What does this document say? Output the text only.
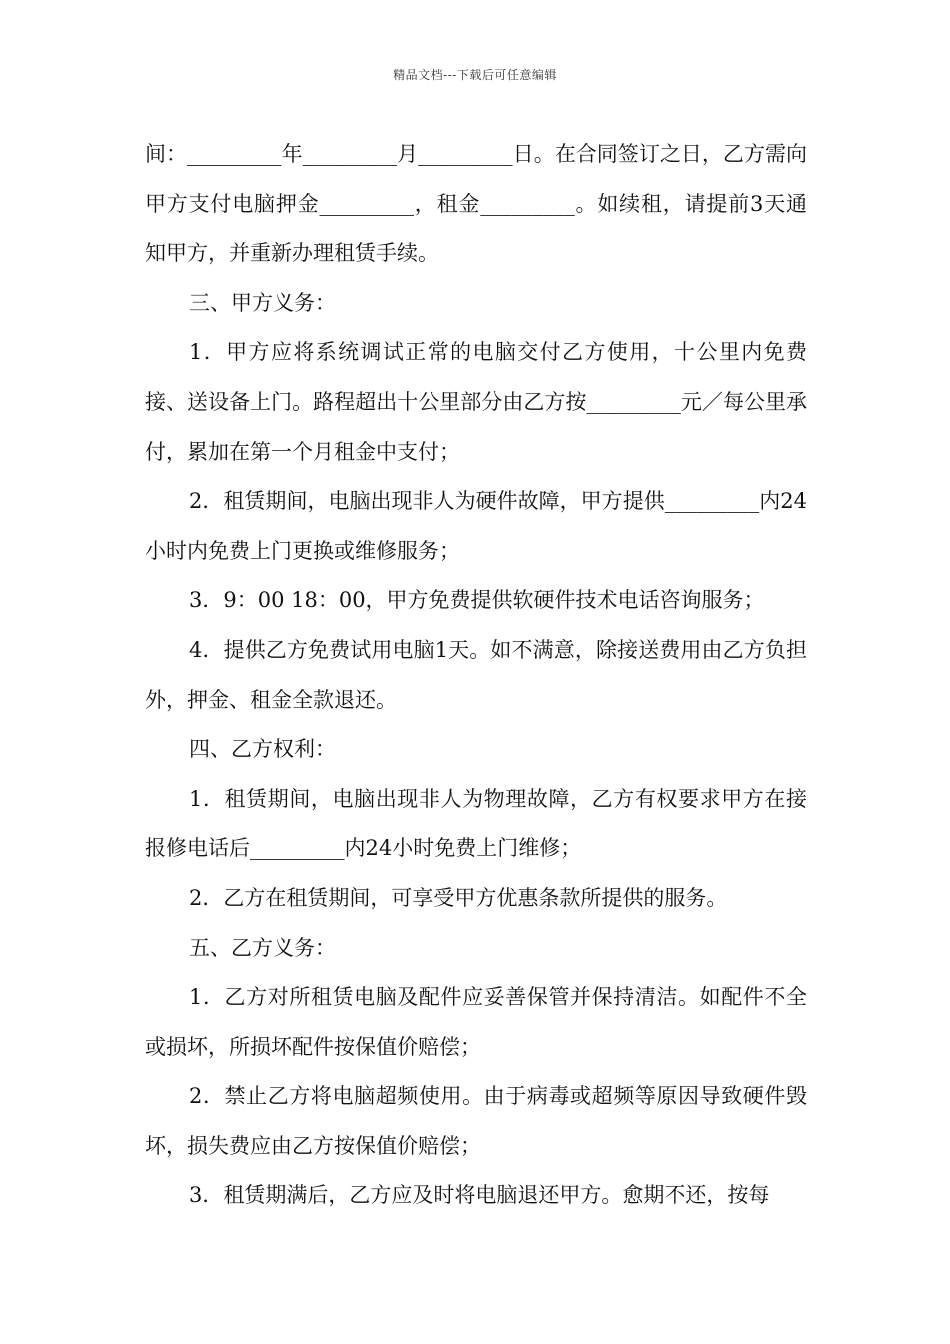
精品文档---下载后可任意编辑

间：_________年_________月_________日。在合同签订之日，乙方需向甲方支付电脑押金_________，租金_________。如续租，请提前3天通知甲方，并重新办理租赁手续。

三、甲方义务：

1．甲方应将系统调试正常的电脑交付乙方使用，十公里内免费接、送设备上门。路程超出十公里部分由乙方按_________元／每公里承付，累加在第一个月租金中支付；

2．租赁期间，电脑出现非人为硬件故障，甲方提供_________内24小时内免费上门更换或维修服务；

3．9：00 18：00，甲方免费提供软硬件技术电话咨询服务；

4．提供乙方免费试用电脑1天。如不满意，除接送费用由乙方负担外，押金、租金全款退还。

四、乙方权利：

1．租赁期间，电脑出现非人为物理故障，乙方有权要求甲方在接报修电话后_________内24小时免费上门维修；

2．乙方在租赁期间，可享受甲方优惠条款所提供的服务。

五、乙方义务：

1．乙方对所租赁电脑及配件应妥善保管并保持清洁。如配件不全或损坏，所损坏配件按保值价赔偿；

2．禁止乙方将电脑超频使用。由于病毒或超频等原因导致硬件毁坏，损失费应由乙方按保值价赔偿；

3．租赁期满后，乙方应及时将电脑退还甲方。愈期不还，按每
